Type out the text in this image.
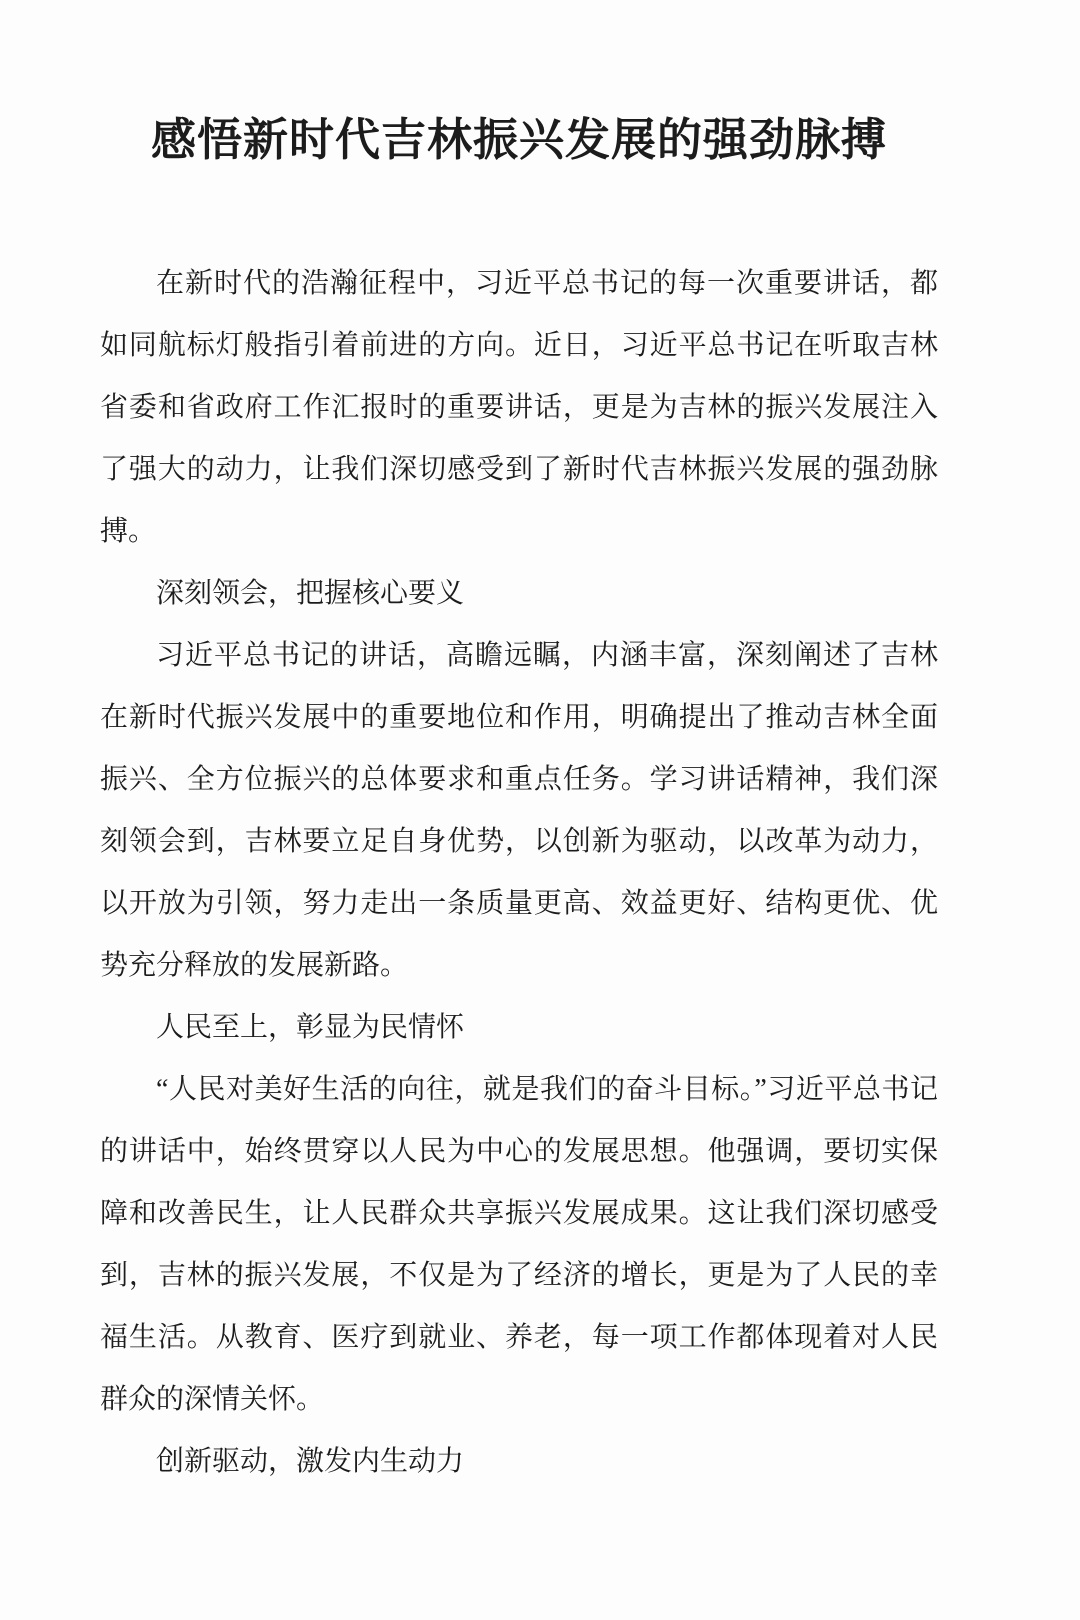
感悟新时代吉林振兴发展的强劲脉搏

在新时代的浩瀚征程中，习近平总书记的每一次重要讲话，都如同航标灯般指引着前进的方向。近日，习近平总书记在听取吉林省委和省政府工作汇报时的重要讲话，更是为吉林的振兴发展注入了强大的动力，让我们深切感受到了新时代吉林振兴发展的强劲脉搏。

深刻领会，把握核心要义

习近平总书记的讲话，高瞻远瞩，内涵丰富，深刻阐述了吉林在新时代振兴发展中的重要地位和作用，明确提出了推动吉林全面振兴、全方位振兴的总体要求和重点任务。学习讲话精神，我们深刻领会到，吉林要立足自身优势，以创新为驱动，以改革为动力，以开放为引领，努力走出一条质量更高、效益更好、结构更优、优势充分释放的发展新路。

人民至上，彰显为民情怀

“人民对美好生活的向往，就是我们的奋斗目标。”习近平总书记的讲话中，始终贯穿以人民为中心的发展思想。他强调，要切实保障和改善民生，让人民群众共享振兴发展成果。这让我们深切感受到，吉林的振兴发展，不仅是为了经济的增长，更是为了人民的幸福生活。从教育、医疗到就业、养老，每一项工作都体现着对人民群众的深情关怀。

创新驱动，激发内生动力
